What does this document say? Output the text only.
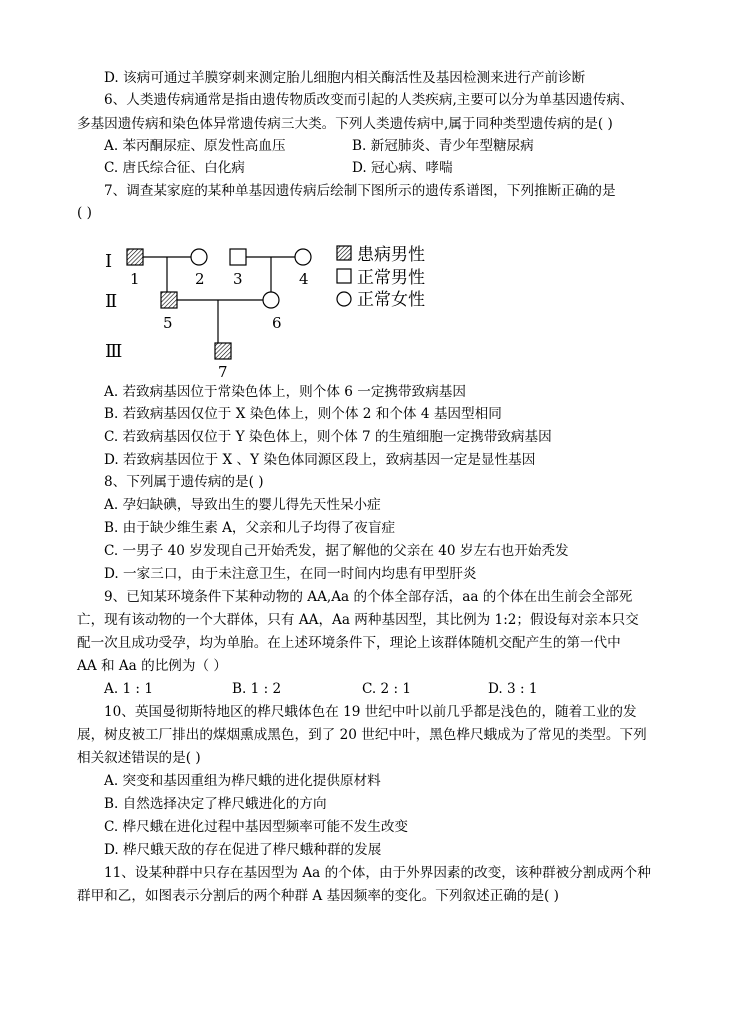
D. 该病可通过羊膜穿刺来测定胎儿细胞内相关酶活性及基因检测来进行产前诊断
6、人类遗传病通常是指由遗传物质改变而引起的人类疾病,主要可以分为单基因遗传病、
多基因遗传病和染色体异常遗传病三大类。下列人类遗传病中,属于同种类型遗传病的是( )
A. 苯丙酮尿症、原发性高血压	B. 新冠肺炎、青少年型糖尿病
C. 唐氏综合征、白化病	D. 冠心病、哮喘
7、调查某家庭的某种单基因遗传病后绘制下图所示的遗传系谱图，下列推断正确的是
( )
Ⅰ
Ⅱ
Ⅲ
1	2 3	4
5	6
7
患病男性
正常男性
正常女性
A. 若致病基因位于常染色体上，则个体 6 一定携带致病基因
B. 若致病基因仅位于 X 染色体上，则个体 2 和个体 4 基因型相同
C. 若致病基因仅位于 Y 染色体上，则个体 7 的生殖细胞一定携带致病基因
D. 若致病基因位于 X 、Y 染色体同源区段上，致病基因一定是显性基因
8、下列属于遗传病的是( )
A. 孕妇缺碘，导致出生的婴儿得先天性呆小症
B. 由于缺少维生素 A，父亲和儿子均得了夜盲症
C. 一男子 40 岁发现自己开始秃发，据了解他的父亲在 40 岁左右也开始秃发
D. 一家三口，由于未注意卫生，在同一时间内均患有甲型肝炎
9、已知某环境条件下某种动物的 AA,Aa 的个体全部存活，aa 的个体在出生前会全部死
亡，现有该动物的一个大群体，只有 AA，Aa 两种基因型，其比例为 1:2；假设每对亲本只交
配一次且成功受孕，均为单胎。在上述环境条件下，理论上该群体随机交配产生的第一代中
AA 和 Aa 的比例为（ ）
A. 1 : 1	B. 1 : 2	C. 2 : 1	D. 3 : 1
10、英国曼彻斯特地区的桦尺蛾体色在 19 世纪中叶以前几乎都是浅色的，随着工业的发
展，树皮被工厂排出的煤烟熏成黑色，到了 20 世纪中叶，黑色桦尺蛾成为了常见的类型。下列
相关叙述错误的是( )
A. 突变和基因重组为桦尺蛾的进化提供原材料
B. 自然选择决定了桦尺蛾进化的方向
C. 桦尺蛾在进化过程中基因型频率可能不发生改变
D. 桦尺蛾天敌的存在促进了桦尺蛾种群的发展
11、设某种群中只存在基因型为 Aa 的个体，由于外界因素的改变，该种群被分割成两个种
群甲和乙，如图表示分割后的两个种群 A 基因频率的变化。下列叙述正确的是( )
